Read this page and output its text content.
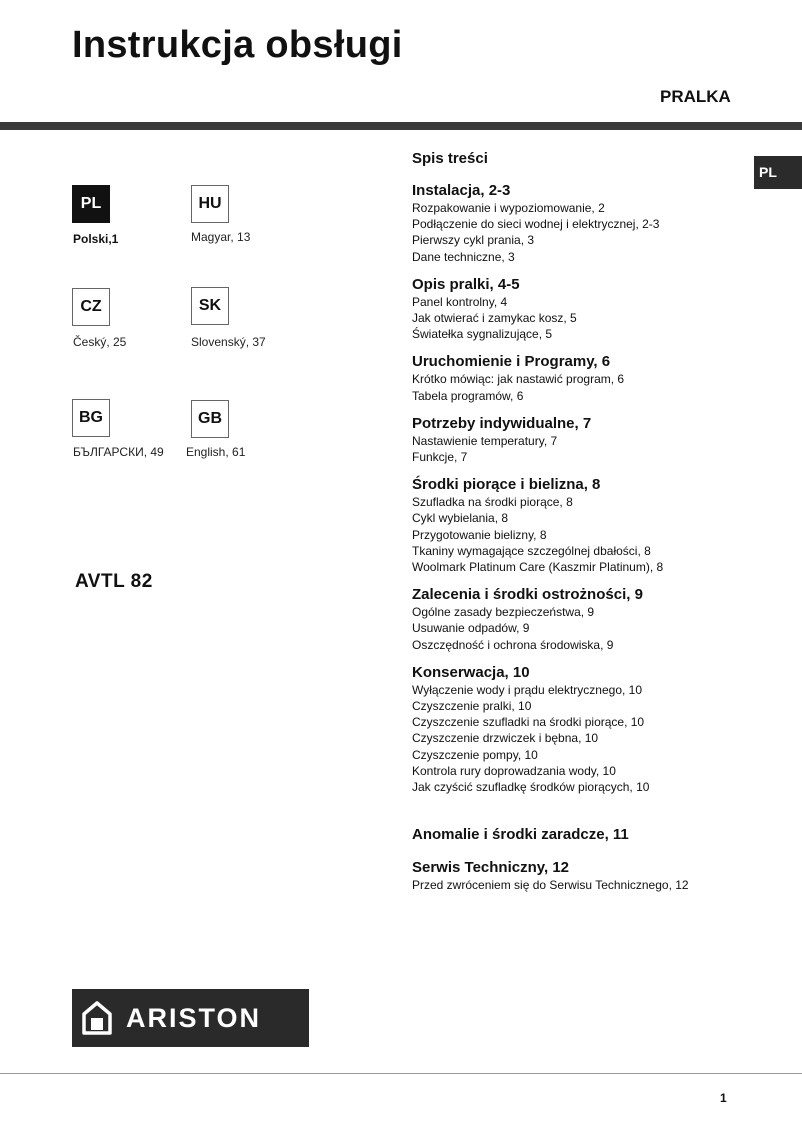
Instrukcja obsługi
PRALKA
PL
PL
Polski,1
HU
Magyar, 13
CZ
Český, 25
SK
Slovenský, 37
BG
БЪЛГАРСКИ, 49
GB
English, 61
AVTL 82
Spis treści
Instalacja, 2-3
Rozpakowanie i wypoziomowanie, 2
Podłączenie do sieci wodnej i elektrycznej, 2-3
Pierwszy cykl prania, 3
Dane techniczne, 3
Opis pralki, 4-5
Panel kontrolny, 4
Jak otwierać i zamykac kosz, 5
Światełka sygnalizujące, 5
Uruchomienie i Programy, 6
Krótko mówiąc: jak nastawić program, 6
Tabela programów, 6
Potrzeby indywidualne, 7
Nastawienie temperatury, 7
Funkcje, 7
Środki piorące i bielizna, 8
Szufladka na środki piorące, 8
Cykl wybielania, 8
Przygotowanie bielizny, 8
Tkaniny wymagające szczególnej dbałości, 8
Woolmark Platinum Care (Kaszmir Platinum), 8
Zalecenia i środki ostrożności, 9
Ogólne zasady bezpieczeństwa, 9
Usuwanie odpadów, 9
Oszczędność i ochrona środowiska, 9
Konserwacja, 10
Wyłączenie wody i prądu elektrycznego, 10
Czyszczenie pralki, 10
Czyszczenie szufladki na środki piorące, 10
Czyszczenie drzwiczek i bębna, 10
Czyszczenie pompy, 10
Kontrola rury doprowadzania wody, 10
Jak czyścić szufladkę środków piorących, 10
Anomalie i środki zaradcze, 11
Serwis Techniczny, 12
Przed zwróceniem się do Serwisu Technicznego, 12
ARISTON
1
